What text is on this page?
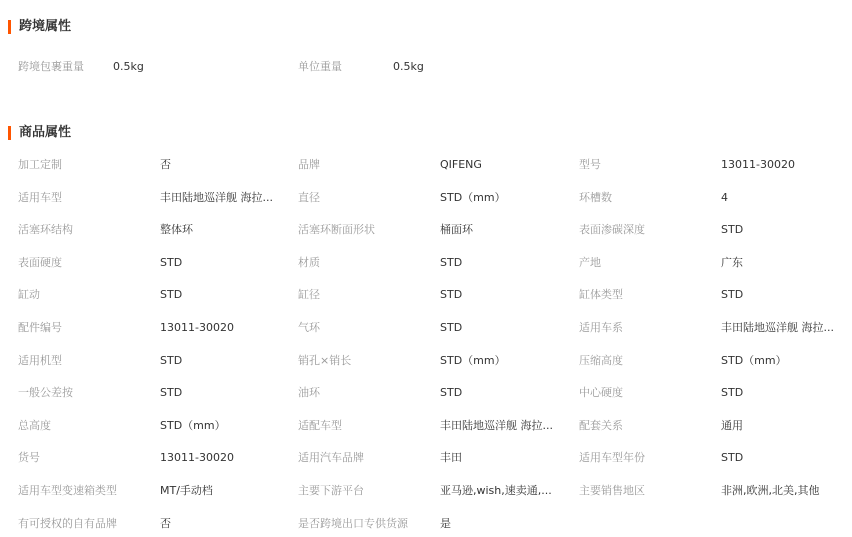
跨境属性
跨境包裹重量	0.5kg	单位重量	0.5kg
商品属性
加工定制	否	品牌	QIFENG	型号	13011-30020
适用车型	丰田陆地巡洋舰 海拉...	直径	STD（mm）	环槽数	4
活塞环结构	整体环	活塞环断面形状	桶面环	表面渗碳深度	STD
表面硬度	STD	材质	STD	产地	广东
缸动	STD	缸径	STD	缸体类型	STD
配件编号	13011-30020	气环	STD	适用车系	丰田陆地巡洋舰 海拉...
适用机型	STD	销孔×销长	STD（mm）	压缩高度	STD（mm）
一般公差按	STD	油环	STD	中心硬度	STD
总高度	STD（mm）	适配车型	丰田陆地巡洋舰 海拉...	配套关系	通用
货号	13011-30020	适用汽车品牌	丰田	适用车型年份	STD
适用车型变速箱类型	MT/手动档	主要下游平台	亚马逊,wish,速卖通,...	主要销售地区	非洲,欧洲,北美,其他
有可授权的自有品牌	否	是否跨境出口专供货源	是
